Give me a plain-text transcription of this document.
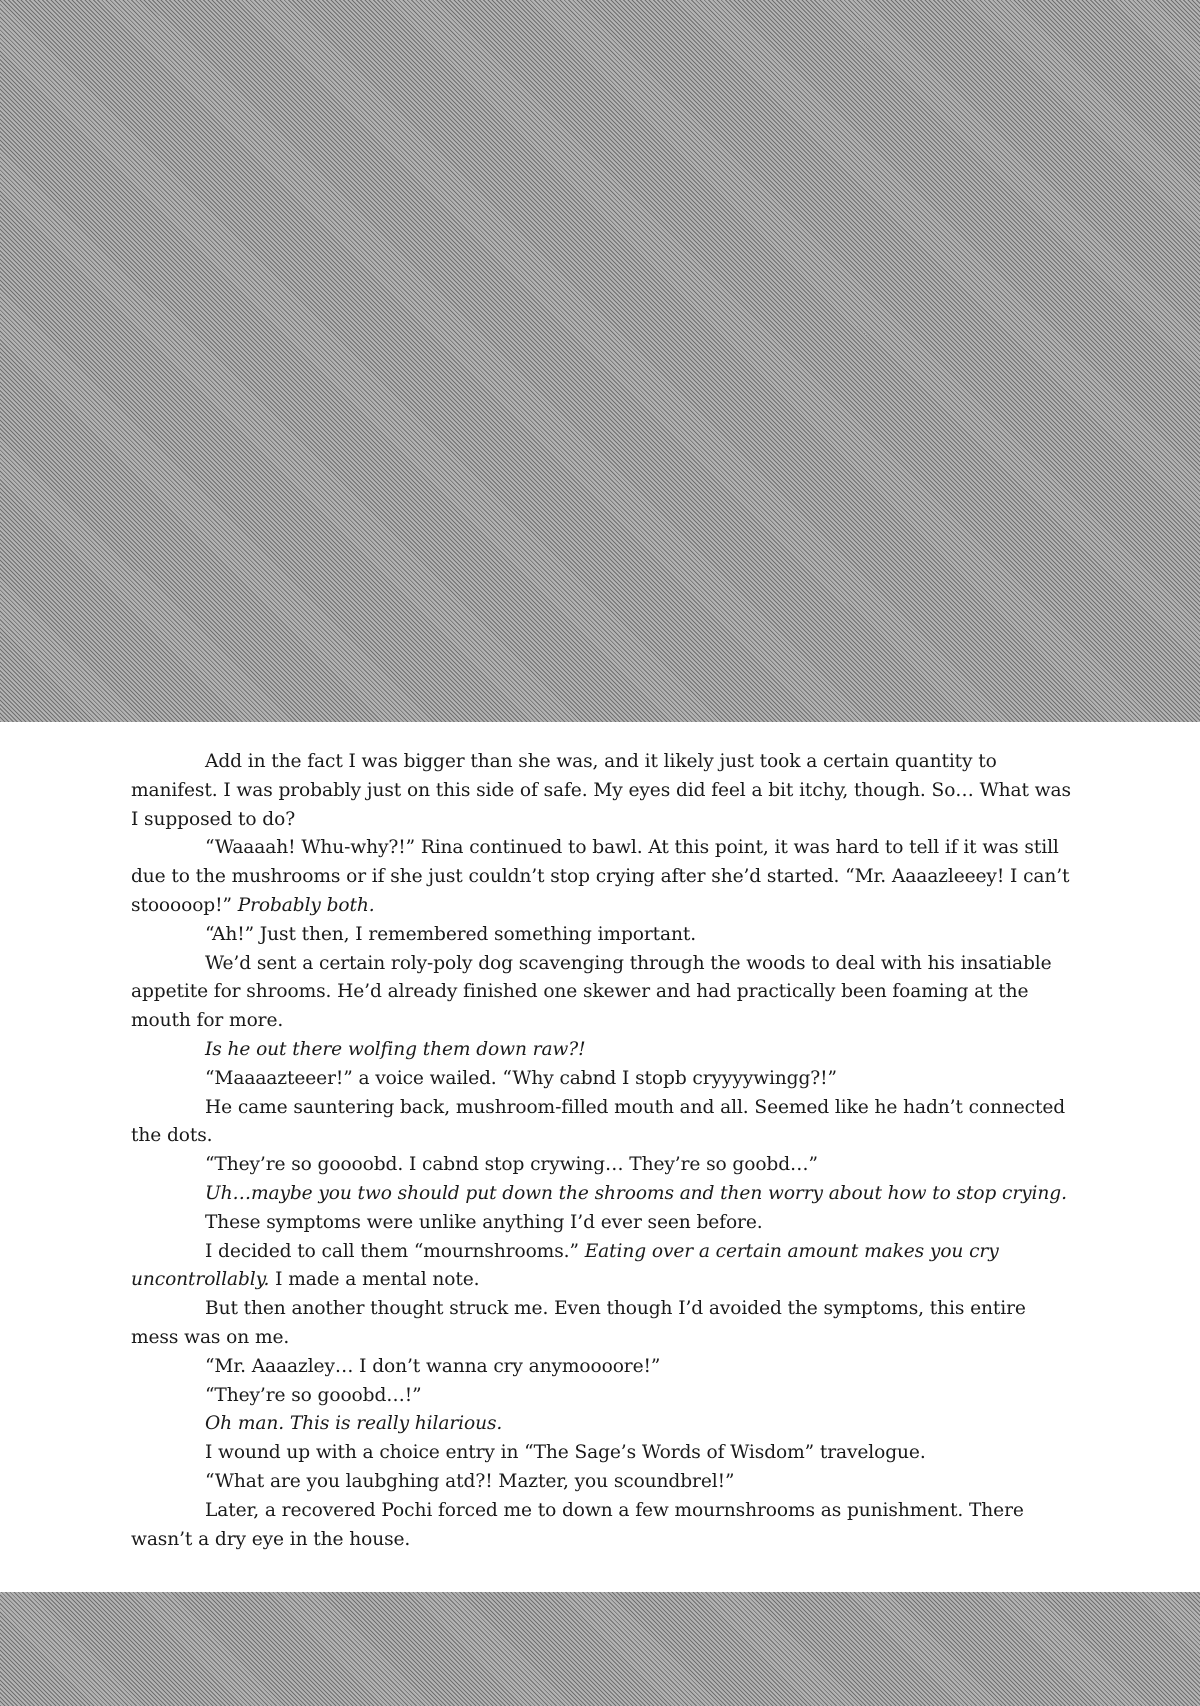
Add in the fact I was bigger than she was, and it likely just took a certain quantity to manifest. I was probably just on this side of safe. My eyes did feel a bit itchy, though. So… What was I supposed to do?

“Waaaah! Whu-why?!” Rina continued to bawl. At this point, it was hard to tell if it was still due to the mushrooms or if she just couldn’t stop crying after she’d started. “Mr. Aaaazleeey! I can’t stooooop!” Probably both.

“Ah!” Just then, I remembered something important.

We’d sent a certain roly-poly dog scavenging through the woods to deal with his insatiable appetite for shrooms. He’d already finished one skewer and had practically been foaming at the mouth for more.

Is he out there wolfing them down raw?!

“Maaaazteeer!” a voice wailed. “Why cabnd I stopb cryyyywingg?!”

He came sauntering back, mushroom-filled mouth and all. Seemed like he hadn’t connected the dots.

“They’re so goooobd. I cabnd stop crywing… They’re so goobd…”

Uh…maybe you two should put down the shrooms and then worry about how to stop crying.

These symptoms were unlike anything I’d ever seen before.

I decided to call them “mournshrooms.” Eating over a certain amount makes you cry uncontrollably. I made a mental note.

But then another thought struck me. Even though I’d avoided the symptoms, this entire mess was on me.

“Mr. Aaaazley… I don’t wanna cry anymoooore!”

“They’re so gooobd…!”

Oh man. This is really hilarious.

I wound up with a choice entry in “The Sage’s Words of Wisdom” travelogue.

“What are you laubghing atd?! Mazter, you scoundbrel!”

Later, a recovered Pochi forced me to down a few mournshrooms as punishment. There wasn’t a dry eye in the house.
